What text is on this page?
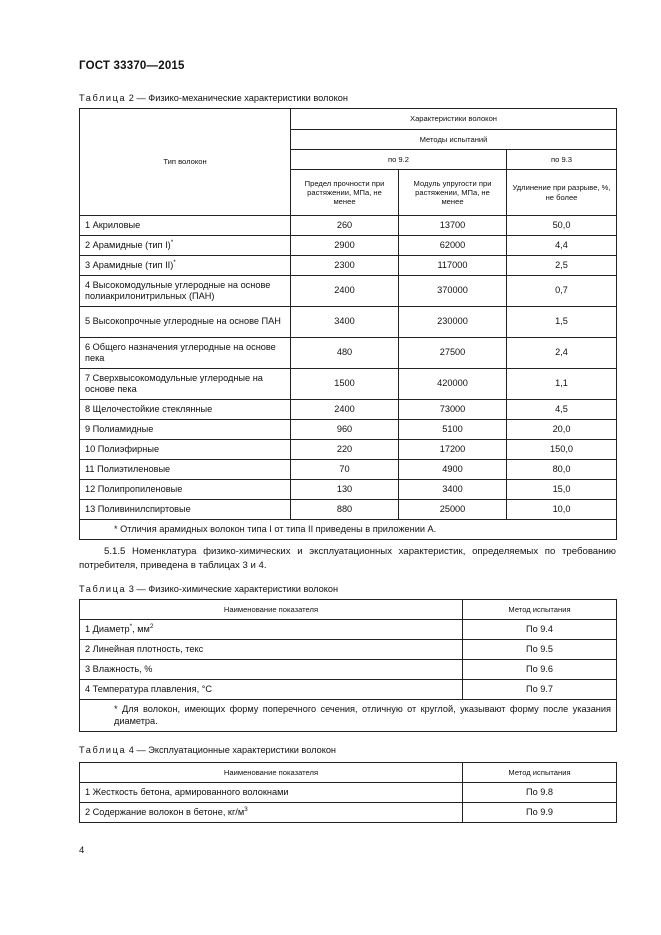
ГОСТ 33370—2015
Таблица 2 — Физико-механические характеристики волокон
Тип волокон	Характеристики волокон		
	Методы испытаний		
	по 9.2		по 9.3
	Предел прочности при растяжении, МПа, не менее	Модуль упругости при растяжении, МПа, не менее	Удлинение при разрыве, %, не более
1 Акриловые	260	13700	50,0
2 Арамидные (тип I)*	2900	62000	4,4
3 Арамидные (тип II)*	2300	117000	2,5
4 Высокомодульные углеродные на основе полиакрилонитрильных (ПАН)	2400	370000	0,7
5 Высокопрочные углеродные на основе ПАН	3400	230000	1,5
6 Общего назначения углеродные на основе пека	480	27500	2,4
7 Сверхвысокомодульные углеродные на основе пека	1500	420000	1,1
8 Щелочестойкие стеклянные	2400	73000	4,5
9 Полиамидные	960	5100	20,0
10 Полиэфирные	220	17200	150,0
11 Полиэтиленовые	70	4900	80,0
12 Полипропиленовые	130	3400	15,0
13 Поливинилспиртовые	880	25000	10,0
* Отличия арамидных волокон типа I от типа II приведены в приложении А.			
5.1.5 Номенклатура физико-химических и эксплуатационных характеристик, определяемых по требованию потребителя, приведена в таблицах 3 и 4.
Таблица 3 — Физико-химические характеристики волокон
Наименование показателя	Метод испытания
1 Диаметр*, $мм^2$	По 9.4
2 Линейная плотность, текс	По 9.5
3 Влажность, %	По 9.6
4 Температура плавления, °С	По 9.7
* Для волокон, имеющих форму поперечного сечения, отличную от круглой, указывают форму после указания диаметра.	
Таблица 4 — Эксплуатационные характеристики волокон
Наименование показателя	Метод испытания
1 Жесткость бетона, армированного волокнами	По 9.8
2 Содержание волокон в бетоне, $кг/м^3$	По 9.9
4
